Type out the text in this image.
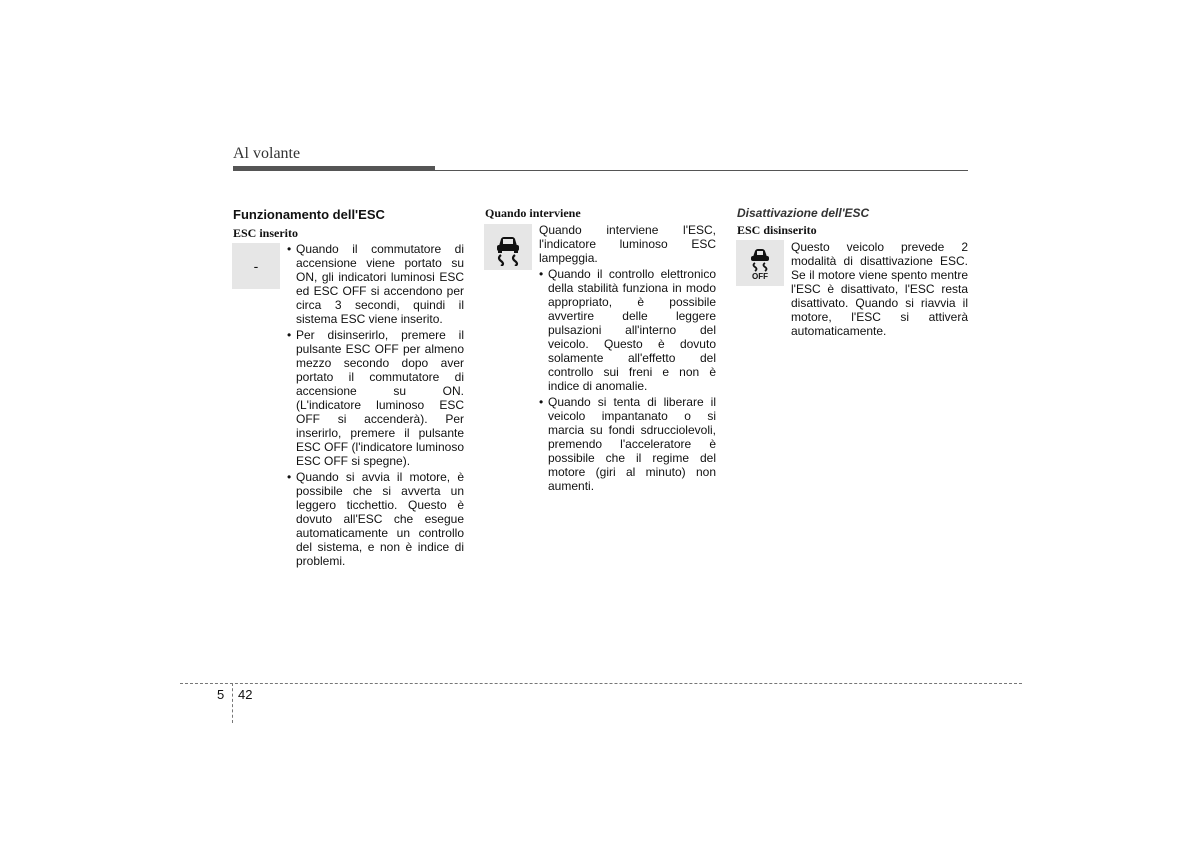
Al volante
Funzionamento dell'ESC
ESC inserito
-
• Quando il commutatore di accensione viene portato su ON, gli indicatori luminosi ESC ed ESC OFF si accendono per circa 3 secondi, quindi il sistema ESC viene inserito.
• Per disinserirlo, premere il pulsante ESC OFF per almeno mezzo secondo dopo aver portato il commutatore di accensione su ON. (L'indicatore luminoso ESC OFF si accenderà). Per inserirlo, premere il pulsante ESC OFF (l'indicatore luminoso ESC OFF si spegne).
• Quando si avvia il motore, è possibile che si avverta un leggero ticchettio. Questo è dovuto all'ESC che esegue automaticamente un controllo del sistema, e non è indice di problemi.
Quando interviene

Quando interviene l'ESC, l'indicatore luminoso ESC lampeggia.

• Quando il controllo elettronico della stabilità funziona in modo appropriato, è possibile avvertire delle leggere pulsazioni all'interno del veicolo. Questo è dovuto solamente all'effetto del controllo sui freni e non è indice di anomalie.
• Quando si tenta di liberare il veicolo impantanato o si marcia su fondi sdrucciolevoli, premendo l'acceleratore è possibile che il regime del motore (giri al minuto) non aumenti.
Disattivazione dell'ESC
ESC disinserito
OFF

Questo veicolo prevede 2 modalità di disattivazione ESC. Se il motore viene spento mentre l'ESC è disattivato, l'ESC resta disattivato. Quando si riavvia il motore, l'ESC si attiverà automaticamente.

5 42
